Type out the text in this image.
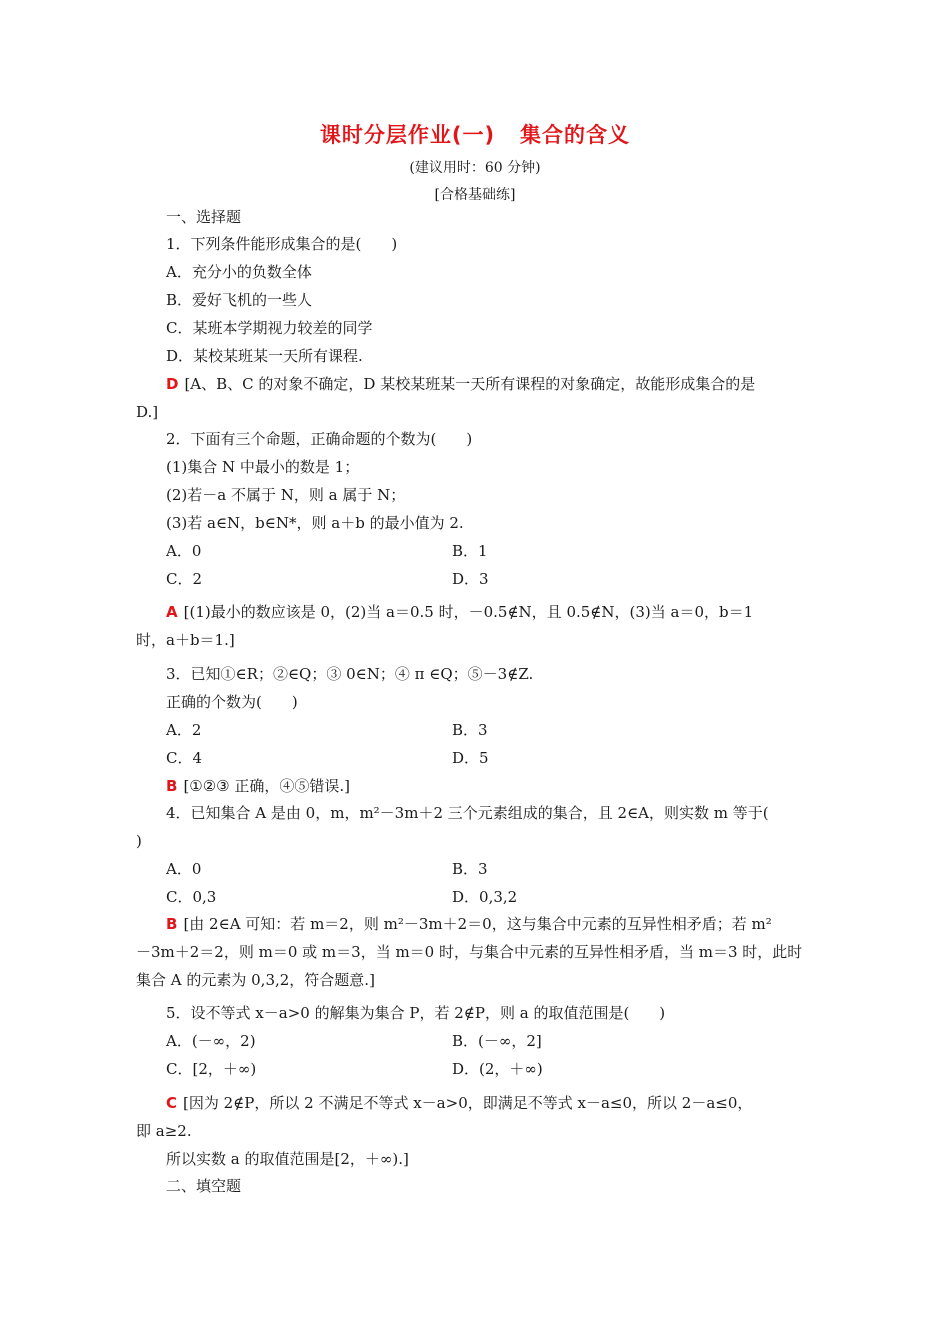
课时分层作业(一)   集合的含义
(建议用时：60 分钟)
[合格基础练]
一、选择题
1．下列条件能形成集合的是(　　)
A．充分小的负数全体
B．爱好飞机的一些人
C．某班本学期视力较差的同学
D．某校某班某一天所有课程.
D [A、B、C 的对象不确定，D 某校某班某一天所有课程的对象确定，故能形成集合的是
D.]
2．下面有三个命题，正确命题的个数为(　　)
(1)集合 N 中最小的数是 1；
(2)若－a 不属于 N，则 a 属于 N；
(3)若 a∈N，b∈N*，则 a＋b 的最小值为 2.
A．0	B．1
C．2	D．3
A [(1)最小的数应该是 0，(2)当 a＝0.5 时，－0.5∉N，且 0.5∉N，(3)当 a＝0，b＝1
时，a＋b＝1.]
3．已知①∈R；②∈Q；③ 0∈N；④ π ∈Q；⑤－3∉Z.
正确的个数为(　　)
A．2	B．3
C．4	D．5
B [①②③ 正确，④⑤错误.]
4．已知集合 A 是由 0，m，m²－3m＋2 三个元素组成的集合，且 2∈A，则实数 m 等于(
)
A．0	B．3
C．0,3	D．0,3,2
B [由 2∈A 可知：若 m＝2，则 m²－3m＋2＝0，这与集合中元素的互异性相矛盾；若 m²
－3m＋2＝2，则 m＝0 或 m＝3，当 m＝0 时，与集合中元素的互异性相矛盾，当 m＝3 时，此时
集合 A 的元素为 0,3,2，符合题意.]
5．设不等式 x－a>0 的解集为集合 P，若 2∉P，则 a 的取值范围是(　　)
A．(－∞，2)	B．(－∞，2]
C．[2，＋∞)	D．(2，＋∞)
C [因为 2∉P，所以 2 不满足不等式 x－a>0，即满足不等式 x－a≤0，所以 2－a≤0，
即 a≥2.
所以实数 a 的取值范围是[2，＋∞).]
二、填空题
